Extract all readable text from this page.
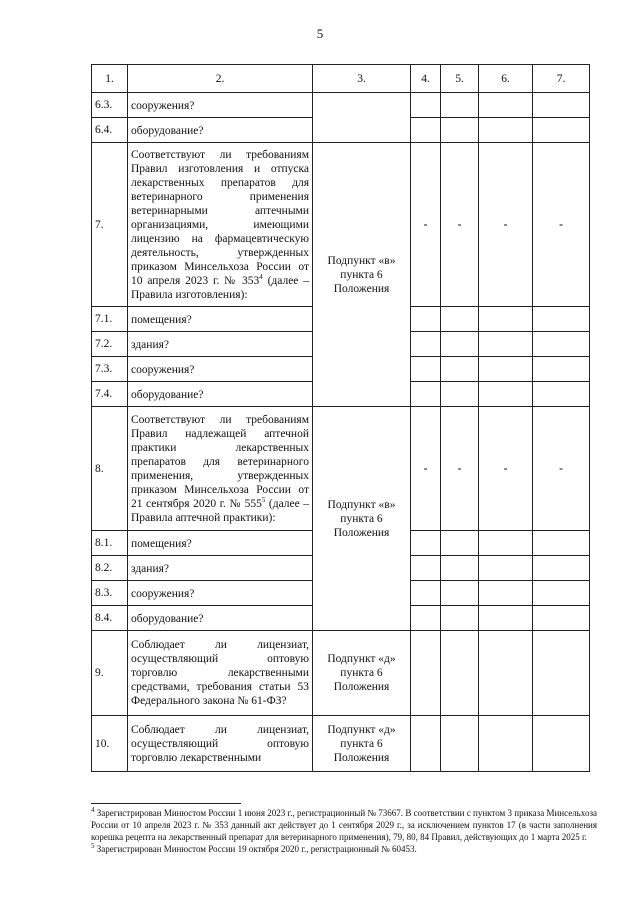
5
1.	2.	3.	4.	5.	6.	7.
6.3.	сооружения?					
6.4.	оборудование?					
7.	Соответствуют ли требованиям Правил изготовления и отпуска лекарственных препаратов для ветеринарного применения ветеринарными аптечными организациями, имеющими лицензию на фармацевтическую деятельность, утвержденных приказом Минсельхоза России от 10 апреля 2023 г. № $353^4$ (далее – Правила изготовления):	Подпункт «в» пункта 6 Положения	-	-	-	-
7.1.	помещения?					
7.2.	здания?					
7.3.	сооружения?					
7.4.	оборудование?					
8.	Соответствуют ли требованиям Правил надлежащей аптечной практики лекарственных препаратов для ветеринарного применения, утвержденных приказом Минсельхоза России от 21 сентября 2020 г. № $555^5$ (далее – Правила аптечной практики):	Подпункт «в» пункта 6 Положения	-	-	-	-
8.1.	помещения?					
8.2.	здания?					
8.3.	сооружения?					
8.4.	оборудование?					
9.	Соблюдает ли лицензиат, осуществляющий оптовую торговлю лекарственными средствами, требования статьи 53 Федерального закона № 61-ФЗ?	Подпункт «д» пункта 6 Положения				
10.	Соблюдает ли лицензиат, осуществляющий оптовую торговлю лекарственными	Подпункт «д» пункта 6 Положения				

$^4$ Зарегистрирован Минюстом России 1 июня 2023 г., регистрационный № 73667. В соответствии с пунктом 3 приказа Минсельхоза России от 10 апреля 2023 г. № 353 данный акт действует до 1 сентября 2029 г., за исключением пунктов 17 (в части заполнения корешка рецепта на лекарственный препарат для ветеринарного применения), 79, 80, 84 Правил, действующих до 1 марта 2025 г.

$^5$ Зарегистрирован Минюстом России 19 октября 2020 г., регистрационный № 60453.
